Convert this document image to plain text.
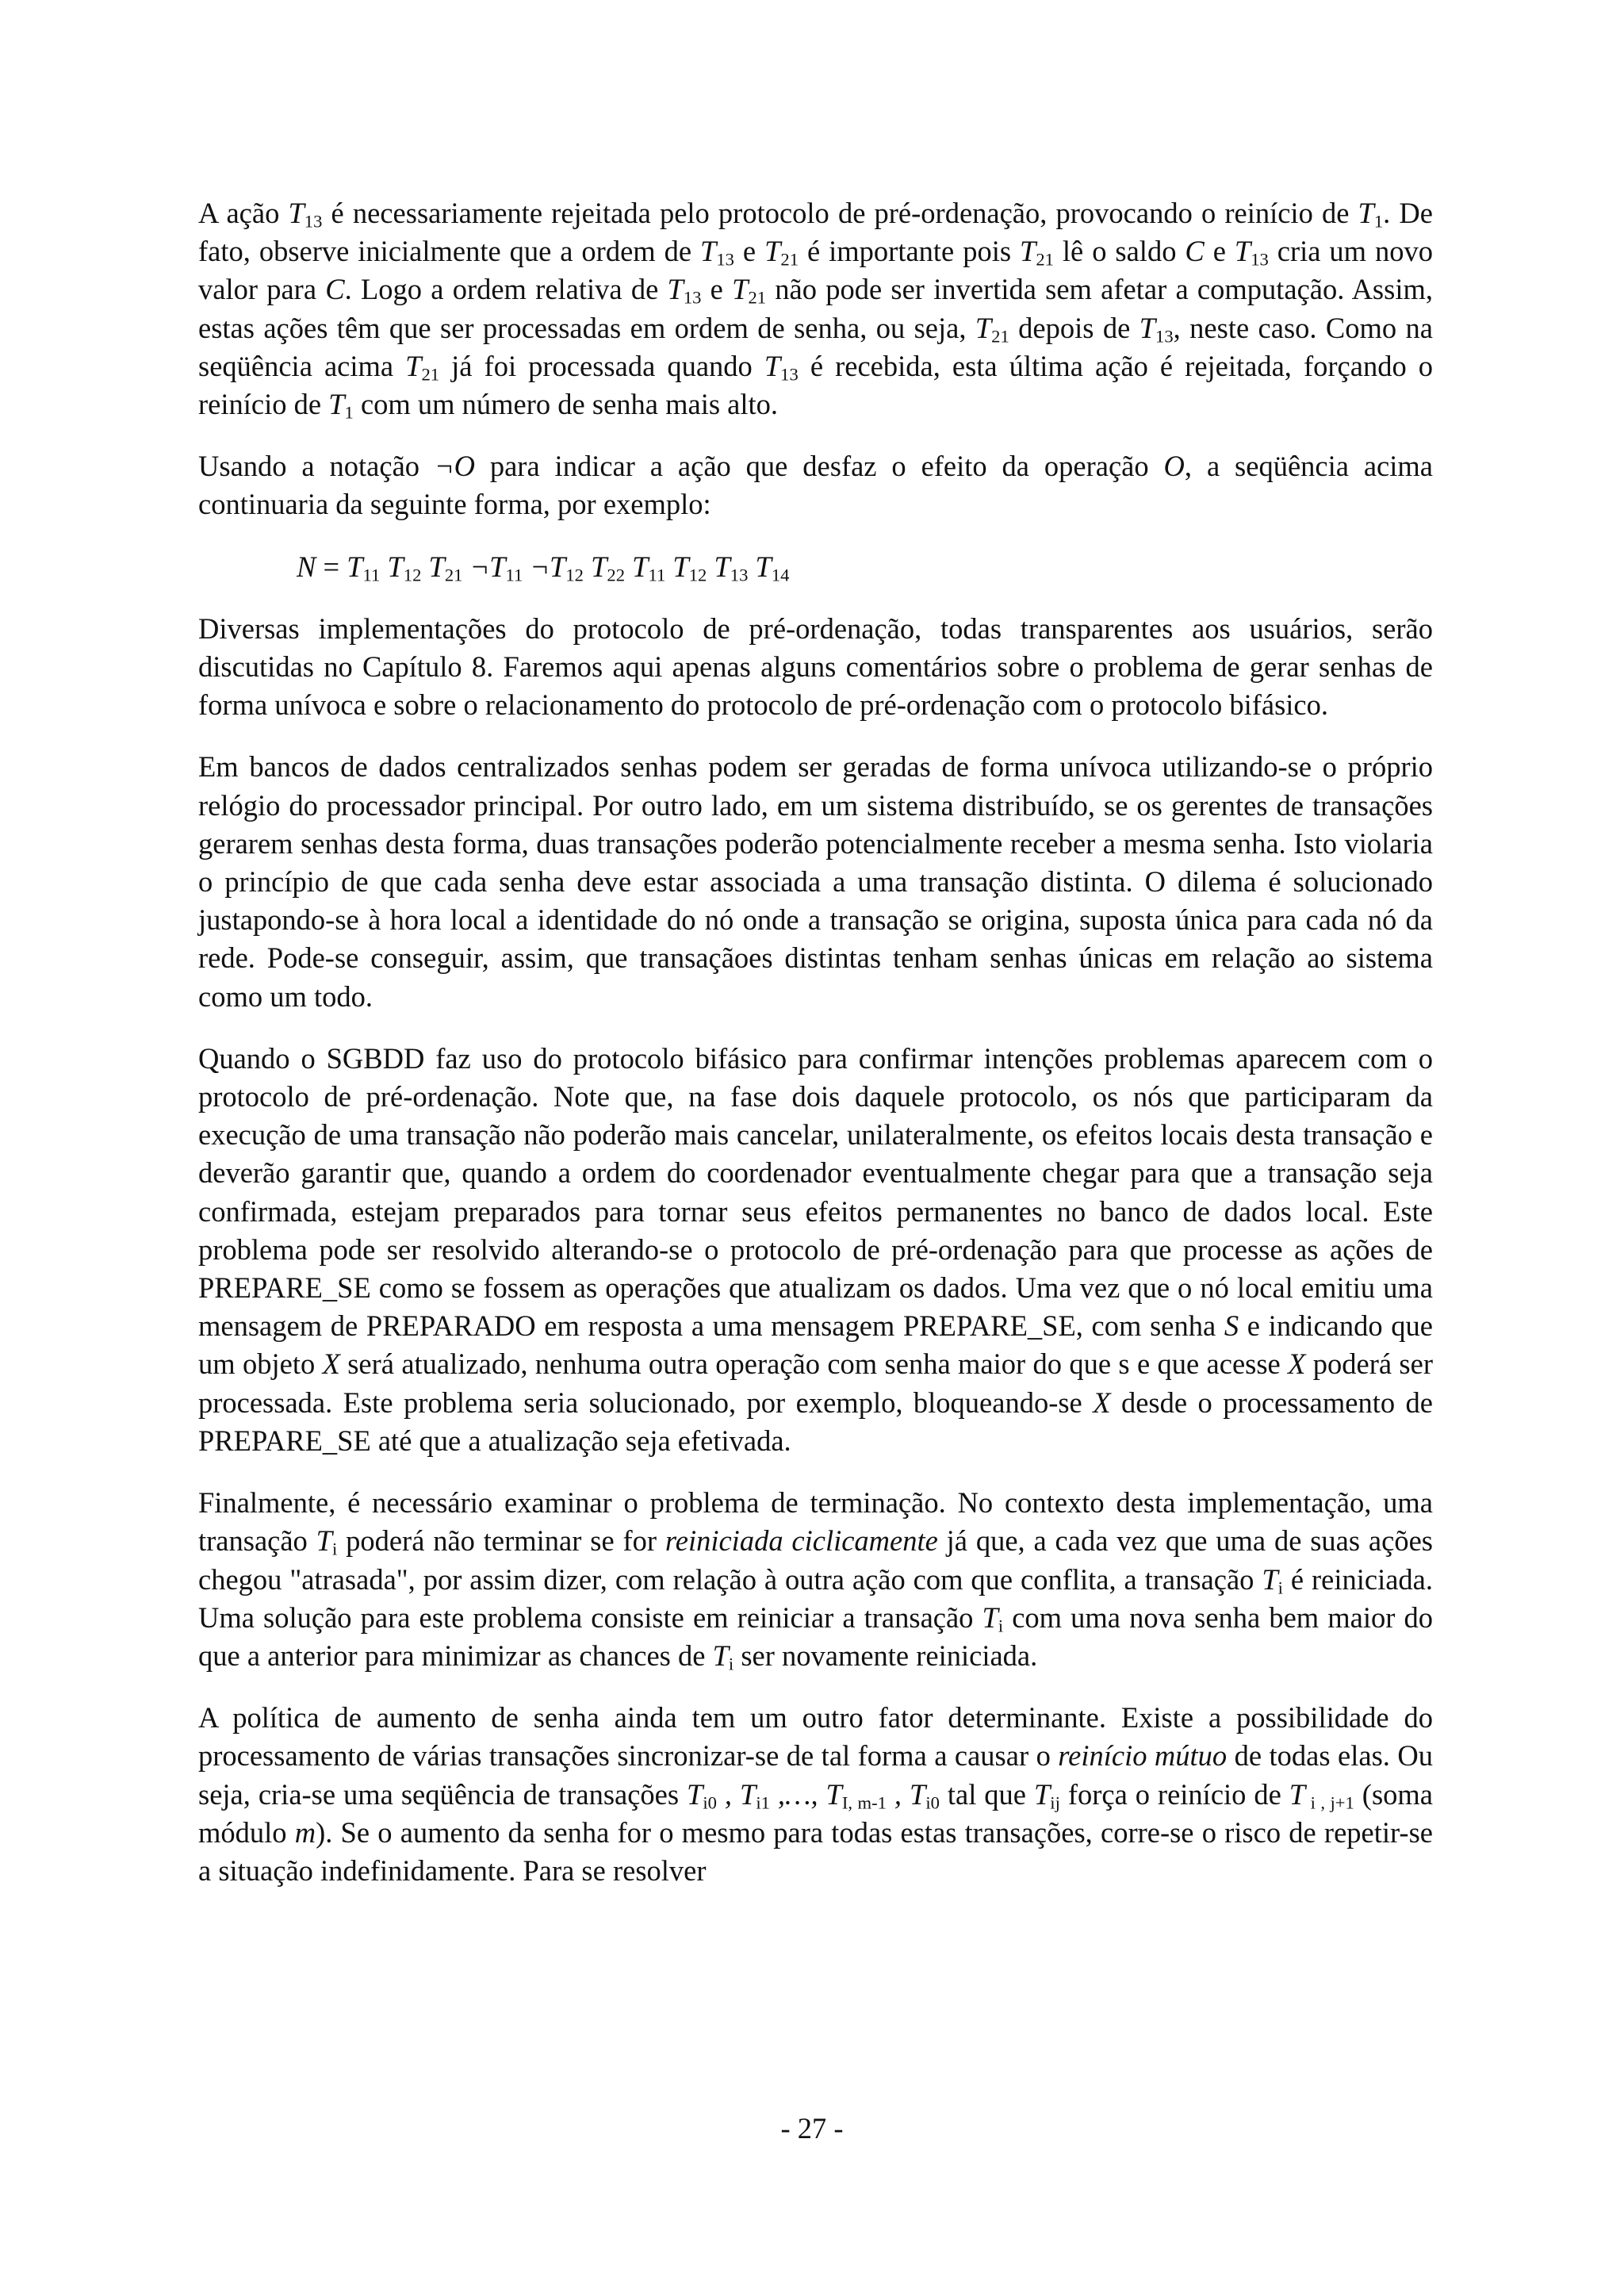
A ação $T_{13}$ é necessariamente rejeitada pelo protocolo de pré-ordenação, provocando o reinício de $T_1$. De fato, observe inicialmente que a ordem de $T_{13}$ e $T_{21}$ é importante pois $T_{21}$ lê o saldo C e $T_{13}$ cria um novo valor para C. Logo a ordem relativa de $T_{13}$ e $T_{21}$ não pode ser invertida sem afetar a computação. Assim, estas ações têm que ser processadas em ordem de senha, ou seja, $T_{21}$ depois de $T_{13}$, neste caso. Como na seqüência acima $T_{21}$ já foi processada quando $T_{13}$ é recebida, esta última ação é rejeitada, forçando o reinício de $T_1$ com um número de senha mais alto.

Usando a notação ¬O para indicar a ação que desfaz o efeito da operação O, a seqüência acima continuaria da seguinte forma, por exemplo:

$N = T_{11}$ $T_{12}$ $T_{21}$ $\neg T_{11}$ $\neg T_{12}$ $T_{22}$ $T_{11}$ $T_{12}$ $T_{13}$ $T_{14}$

Diversas implementações do protocolo de pré-ordenação, todas transparentes aos usuários, serão discutidas no Capítulo 8. Faremos aqui apenas alguns comentários sobre o problema de gerar senhas de forma unívoca e sobre o relacionamento do protocolo de pré-ordenação com o protocolo bifásico.

Em bancos de dados centralizados senhas podem ser geradas de forma unívoca utilizando-se o próprio relógio do processador principal. Por outro lado, em um sistema distribuído, se os gerentes de transações gerarem senhas desta forma, duas transações poderão potencialmente receber a mesma senha. Isto violaria o princípio de que cada senha deve estar associada a uma transação distinta. O dilema é solucionado justapondo-se à hora local a identidade do nó onde a transação se origina, suposta única para cada nó da rede. Pode-se conseguir, assim, que transaçãoes distintas tenham senhas únicas em relação ao sistema como um todo.

Quando o SGBDD faz uso do protocolo bifásico para confirmar intenções problemas aparecem com o protocolo de pré-ordenação. Note que, na fase dois daquele protocolo, os nós que participaram da execução de uma transação não poderão mais cancelar, unilateralmente, os efeitos locais desta transação e deverão garantir que, quando a ordem do coordenador eventualmente chegar para que a transação seja confirmada, estejam preparados para tornar seus efeitos permanentes no banco de dados local. Este problema pode ser resolvido alterando-se o protocolo de pré-ordenação para que processe as ações de PREPARE_SE como se fossem as operações que atualizam os dados. Uma vez que o nó local emitiu uma mensagem de PREPARADO em resposta a uma mensagem PREPARE_SE, com senha S e indicando que um objeto X será atualizado, nenhuma outra operação com senha maior do que s e que acesse X poderá ser processada. Este problema seria solucionado, por exemplo, bloqueando-se X desde o processamento de PREPARE_SE até que a atualização seja efetivada.

Finalmente, é necessário examinar o problema de terminação. No contexto desta implementação, uma transação $T_i$ poderá não terminar se for reiniciada ciclicamente já que, a cada vez que uma de suas ações chegou "atrasada", por assim dizer, com relação à outra ação com que conflita, a transação $T_i$ é reiniciada. Uma solução para este problema consiste em reiniciar a transação $T_i$ com uma nova senha bem maior do que a anterior para minimizar as chances de $T_i$ ser novamente reiniciada.

A política de aumento de senha ainda tem um outro fator determinante. Existe a possibilidade do processamento de várias transações sincronizar-se de tal forma a causar o reinício mútuo de todas elas. Ou seja, cria-se uma seqüência de transações $T_{i0}$ , $T_{i1}$ ,…, $T_{I, m-1}$ , $T_{i0}$ tal que $T_{ij}$ força o reinício de T $_{i , j+1}$ (soma módulo m). Se o aumento da senha for o mesmo para todas estas transações, corre-se o risco de repetir-se a situação indefinidamente. Para se resolver

- 27 -
